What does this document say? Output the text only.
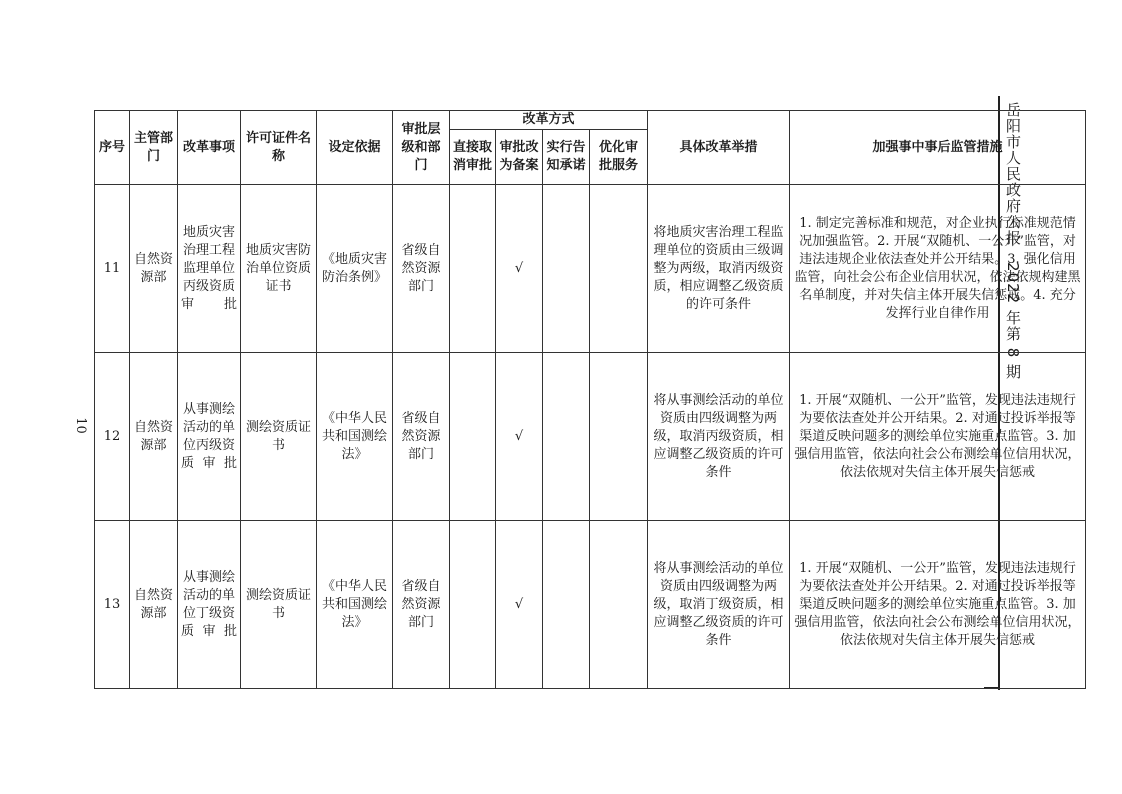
岳阳市人民政府公报　2022 年第 8 期
10
序号	主管部门	改革事项	许可证件名称	设定依据	审批层级和部门	改革方式				具体改革举措	加强事中事后监管措施
						直接取消审批	审批改为备案	实行告知承诺	优化审批服务		
11	自然资源部	地质灾害治理工程监理单位丙级资质审批	地质灾害防治单位资质证书	《地质灾害防治条例》	省级自然资源部门		√			将地质灾害治理工程监理单位的资质由三级调整为两级，取消丙级资质，相应调整乙级资质的许可条件	1. 制定完善标准和规范，对企业执行标准规范情况加强监管。2. 开展“双随机、一公开”监管，对违法违规企业依法查处并公开结果。3. 强化信用监管，向社会公布企业信用状况，依法依规构建黑名单制度，并对失信主体开展失信惩戒。4. 充分发挥行业自律作用
12	自然资源部	从事测绘活动的单位丙级资质审批	测绘资质证书	《中华人民共和国测绘法》	省级自然资源部门		√			将从事测绘活动的单位资质由四级调整为两级，取消丙级资质，相应调整乙级资质的许可条件	1. 开展“双随机、一公开”监管，发现违法违规行为要依法查处并公开结果。2. 对通过投诉举报等渠道反映问题多的测绘单位实施重点监管。3. 加强信用监管，依法向社会公布测绘单位信用状况，依法依规对失信主体开展失信惩戒
13	自然资源部	从事测绘活动的单位丁级资质审批	测绘资质证书	《中华人民共和国测绘法》	省级自然资源部门		√			将从事测绘活动的单位资质由四级调整为两级，取消丁级资质，相应调整乙级资质的许可条件	1. 开展“双随机、一公开”监管，发现违法违规行为要依法查处并公开结果。2. 对通过投诉举报等渠道反映问题多的测绘单位实施重点监管。3. 加强信用监管，依法向社会公布测绘单位信用状况，依法依规对失信主体开展失信惩戒
